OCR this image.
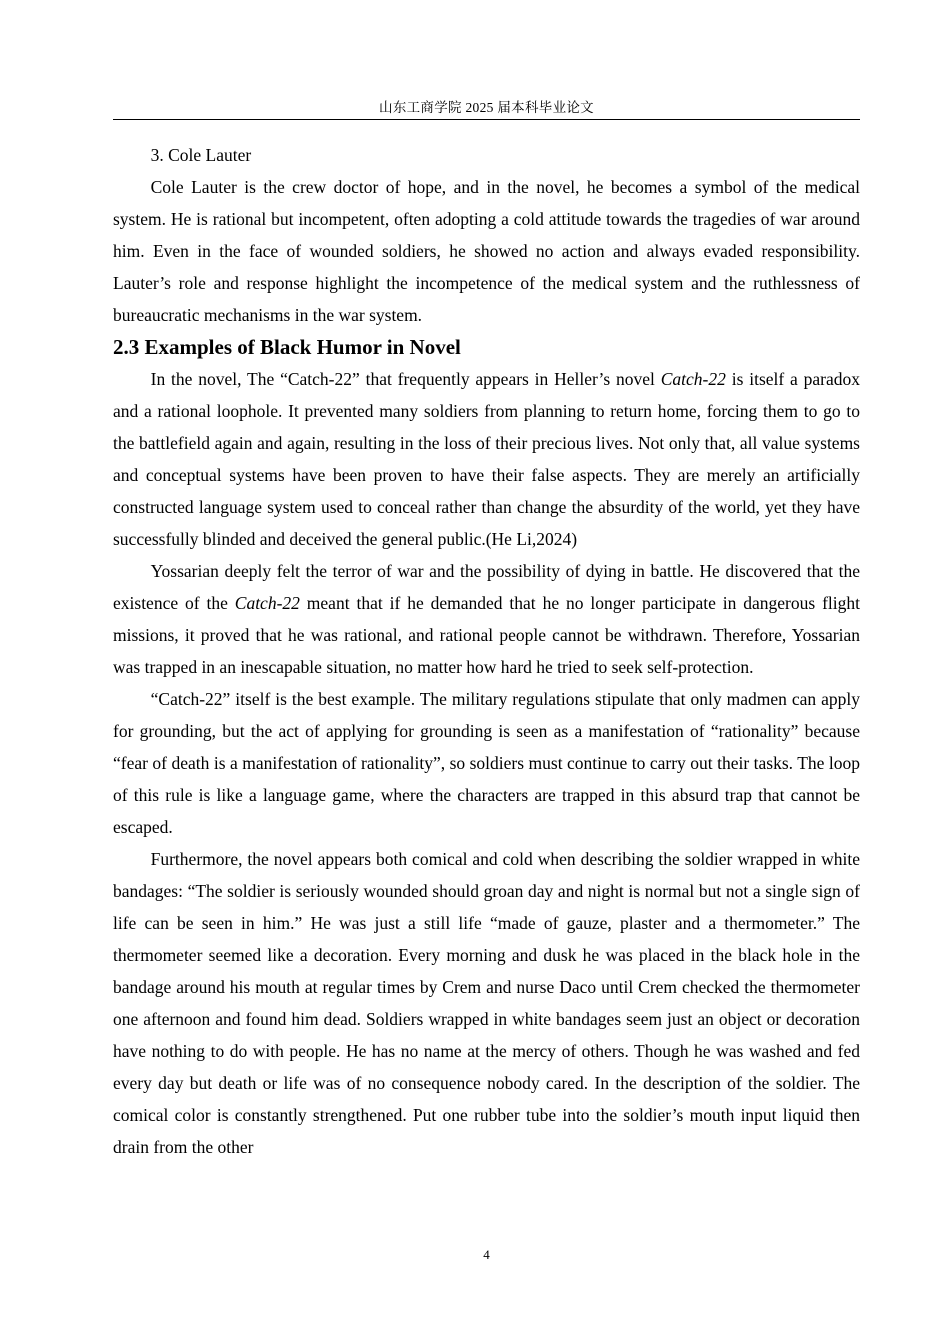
山东工商学院 2025 届本科毕业论文

3. Cole Lauter

Cole Lauter is the crew doctor of hope, and in the novel, he becomes a symbol of the medical system. He is rational but incompetent, often adopting a cold attitude towards the tragedies of war around him. Even in the face of wounded soldiers, he showed no action and always evaded responsibility. Lauter’s role and response highlight the incompetence of the medical system and the ruthlessness of bureaucratic mechanisms in the war system.

2.3 Examples of Black Humor in Novel

In the novel, The “Catch-22” that frequently appears in Heller’s novel Catch-22 is itself a paradox and a rational loophole. It prevented many soldiers from planning to return home, forcing them to go to the battlefield again and again, resulting in the loss of their precious lives. Not only that, all value systems and conceptual systems have been proven to have their false aspects. They are merely an artificially constructed language system used to conceal rather than change the absurdity of the world, yet they have successfully blinded and deceived the general public.(He Li,2024)

Yossarian deeply felt the terror of war and the possibility of dying in battle. He discovered that the existence of the Catch-22 meant that if he demanded that he no longer participate in dangerous flight missions, it proved that he was rational, and rational people cannot be withdrawn. Therefore, Yossarian was trapped in an inescapable situation, no matter how hard he tried to seek self-protection.

“Catch-22” itself is the best example. The military regulations stipulate that only madmen can apply for grounding, but the act of applying for grounding is seen as a manifestation of “rationality” because “fear of death is a manifestation of rationality”, so soldiers must continue to carry out their tasks. The loop of this rule is like a language game, where the characters are trapped in this absurd trap that cannot be escaped.

Furthermore, the novel appears both comical and cold when describing the soldier wrapped in white bandages: “The soldier is seriously wounded should groan day and night is normal but not a single sign of life can be seen in him.” He was just a still life “made of gauze, plaster and a thermometer.” The thermometer seemed like a decoration. Every morning and dusk he was placed in the black hole in the bandage around his mouth at regular times by Crem and nurse Daco until Crem checked the thermometer one afternoon and found him dead. Soldiers wrapped in white bandages seem just an object or decoration have nothing to do with people. He has no name at the mercy of others. Though he was washed and fed every day but death or life was of no consequence nobody cared. In the description of the soldier. The comical color is constantly strengthened. Put one rubber tube into the soldier’s mouth input liquid then drain from the other

4
